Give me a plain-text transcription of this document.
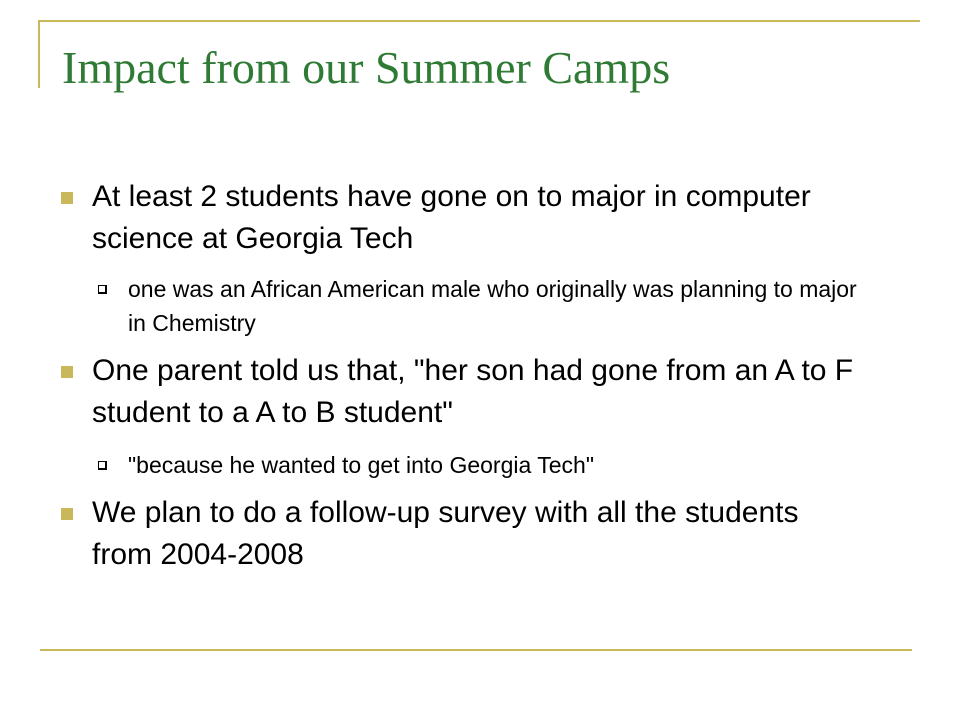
Impact from our Summer Camps
At least 2 students have gone on to major in computer science at Georgia Tech
one was an African American male who originally was planning to major in Chemistry
One parent told us that, "her son had gone from an A to F student to a A to B student"
"because he wanted to get into Georgia Tech"
We plan to do a follow-up survey with all the students from 2004-2008
